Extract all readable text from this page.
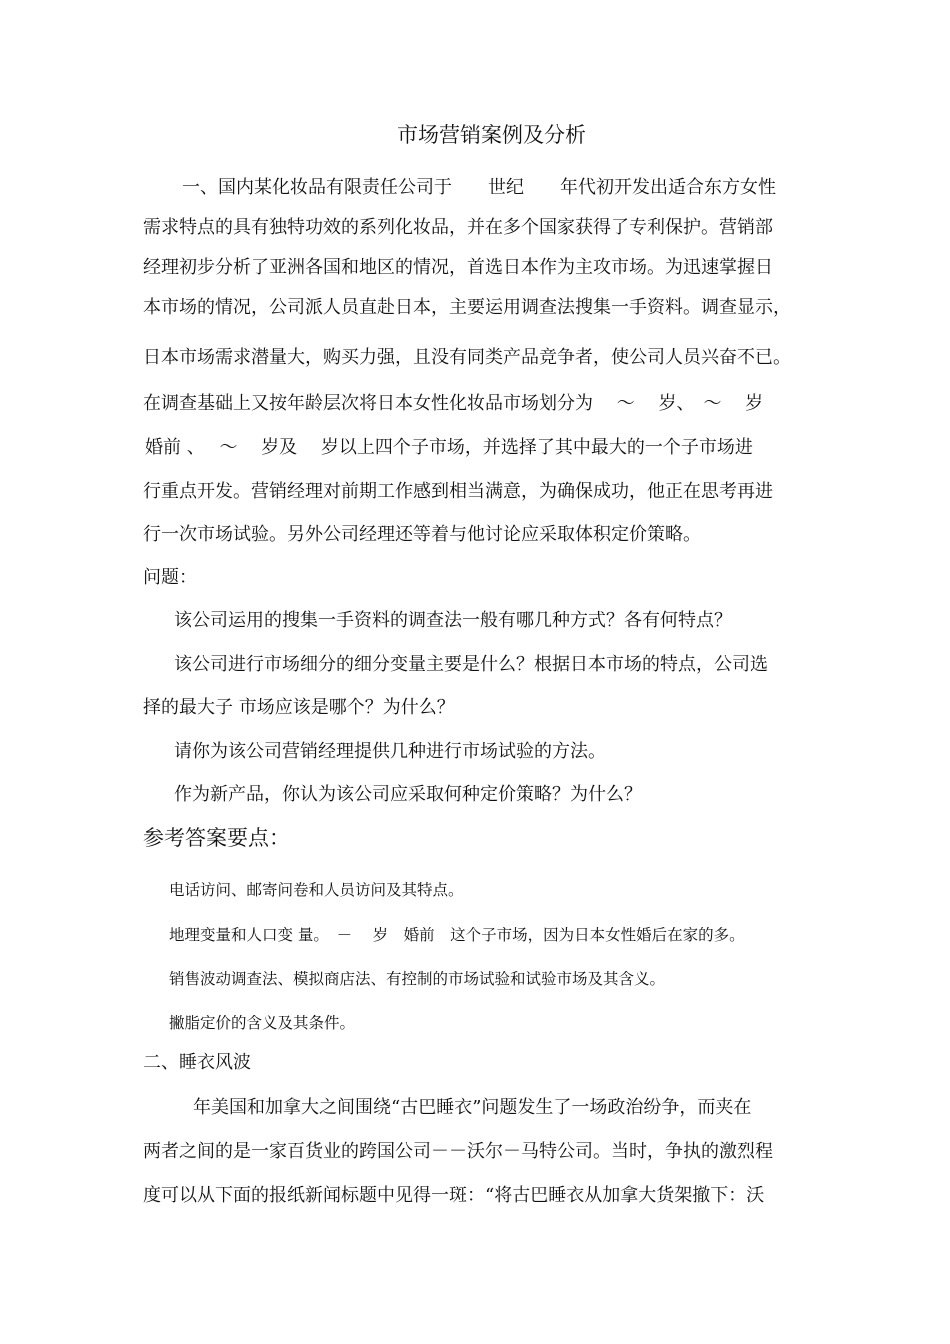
市场营销案例及分析
一、国内某化妆品有限责任公司于　　世纪　　年代初开发出适合东方女性
需求特点的具有独特功效的系列化妆品，并在多个国家获得了专利保护。营销部
经理初步分析了亚洲各国和地区的情况，首选日本作为主攻市场。为迅速掌握日
本市场的情况，公司派人员直赴日本，主要运用调查法搜集一手资料。调查显示，
日本市场需求潜量大，购买力强，且没有同类产品竞争者，使公司人员兴奋不已。
在调查基础上又按年龄层次将日本女性化妆品市场划分为　 ～　 岁、　～　 岁
婚前 、　 ～　 岁及　 岁以上四个子市场，并选择了其中最大的一个子市场进
行重点开发。营销经理对前期工作感到相当满意，为确保成功，他正在思考再进
行一次市场试验。另外公司经理还等着与他讨论应采取体积定价策略。
问题：
该公司运用的搜集一手资料的调查法一般有哪几种方式？各有何特点？
该公司进行市场细分的细分变量主要是什么？根据日本市场的特点，公司选
择的最大子 市场应该是哪个？为什么？
请你为该公司营销经理提供几种进行市场试验的方法。
作为新产品，你认为该公司应采取何种定价策略？为什么？
参考答案要点：
电话访问、邮寄问卷和人员访问及其特点。
地理变量和人口变 量。　－　 岁　婚前　这个子市场，因为日本女性婚后在家的多。
销售波动调查法、模拟商店法、有控制的市场试验和试验市场及其含义。
撇脂定价的含义及其条件。
二、睡衣风波
年美国和加拿大之间围绕“古巴睡衣”问题发生了一场政治纷争，而夹在
两者之间的是一家百货业的跨国公司－－沃尔－马特公司。当时，争执的激烈程
度可以从下面的报纸新闻标题中见得一斑：“将古巴睡衣从加拿大货架撤下：沃
